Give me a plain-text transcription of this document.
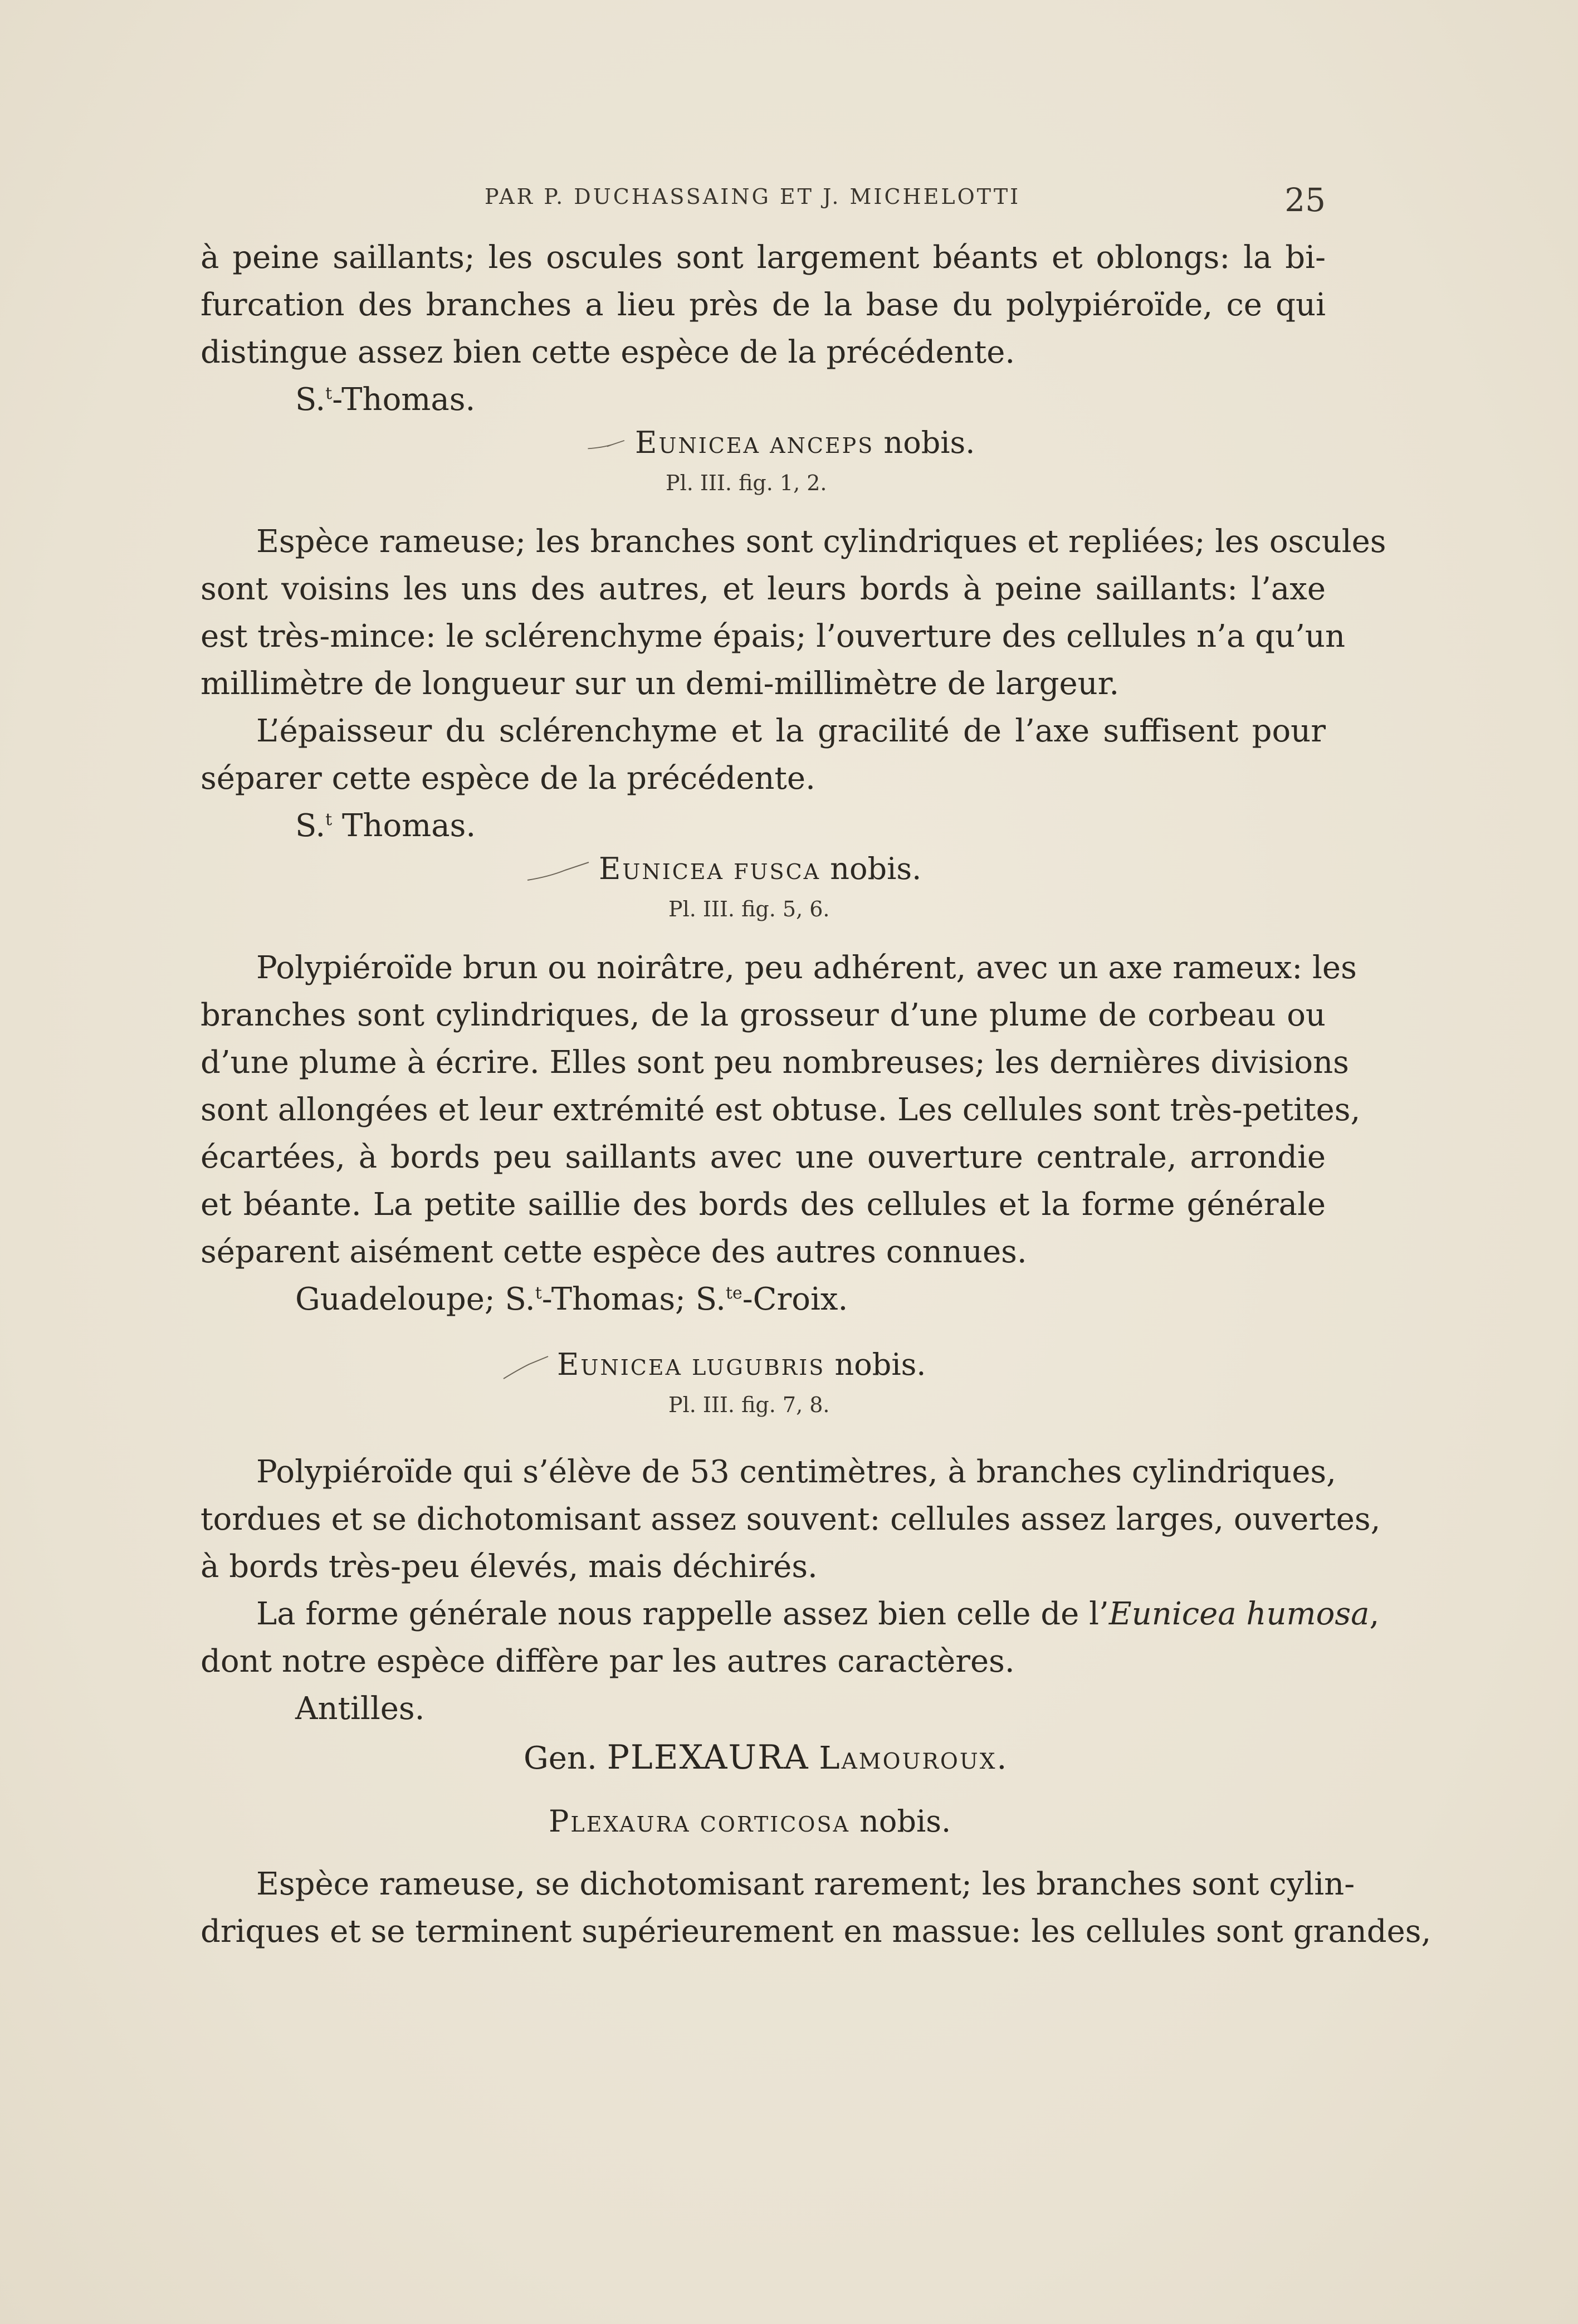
PAR P. DUCHASSAING ET J. MICHELOTTI	25
à peine saillants; les oscules sont largement béants et oblongs: la bi-
furcation des branches a lieu près de la base du polypiéroïde, ce qui
distingue assez bien cette espèce de la précédente.
S.$^t$-Thomas.
Eunicea anceps nobis.
Pl. III. fig. 1, 2.
Espèce rameuse; les branches sont cylindriques et repliées; les oscules
sont voisins les uns des autres, et leurs bords à peine saillants: l’axe
est très-mince: le sclérenchyme épais; l’ouverture des cellules n’a qu’un
millimètre de longueur sur un demi-millimètre de largeur.
L’épaisseur du sclérenchyme et la gracilité de l’axe suffisent pour
séparer cette espèce de la précédente.
S.$^t$ Thomas.
Eunicea fusca nobis.
Pl. III. fig. 5, 6.
Polypiéroïde brun ou noirâtre, peu adhérent, avec un axe rameux: les
branches sont cylindriques, de la grosseur d’une plume de corbeau ou
d’une plume à écrire. Elles sont peu nombreuses; les dernières divisions
sont allongées et leur extrémité est obtuse. Les cellules sont très-petites,
écartées, à bords peu saillants avec une ouverture centrale, arrondie
et béante. La petite saillie des bords des cellules et la forme générale
séparent aisément cette espèce des autres connues.
Guadeloupe; S.$^t$-Thomas; S.$^{te}$-Croix.
Eunicea lugubris nobis.
Pl. III. fig. 7, 8.
Polypiéroïde qui s’élève de 53 centimètres, à branches cylindriques,
tordues et se dichotomisant assez souvent: cellules assez larges, ouvertes,
à bords très-peu élevés, mais déchirés.
La forme générale nous rappelle assez bien celle de l’Eunicea humosa,
dont notre espèce diffère par les autres caractères.
Antilles.
Gen. PLEXAURA Lamouroux.
Plexaura corticosa nobis.
Espèce rameuse, se dichotomisant rarement; les branches sont cylin-
driques et se terminent supérieurement en massue: les cellules sont grandes,
